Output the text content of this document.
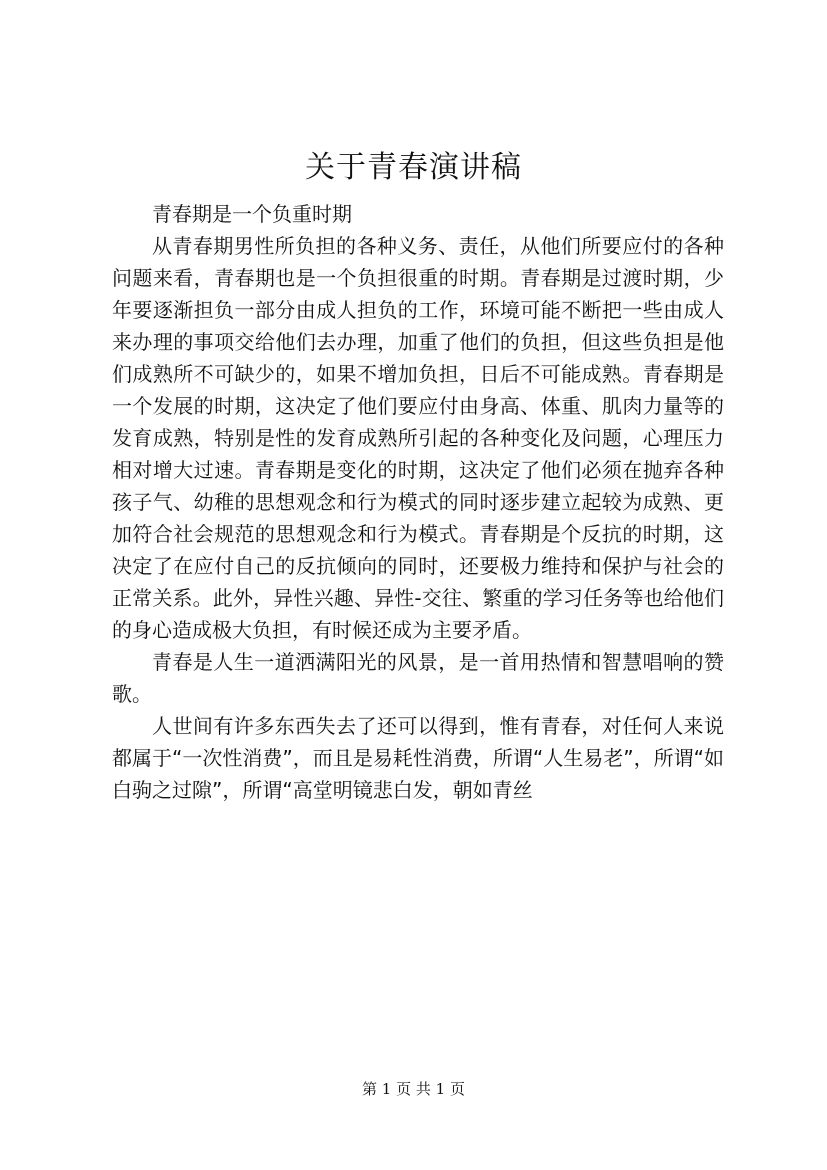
关于青春演讲稿

青春期是一个负重时期

从青春期男性所负担的各种义务、责任，从他们所要应付的各种问题来看，青春期也是一个负担很重的时期。青春期是过渡时期，少年要逐渐担负一部分由成人担负的工作，环境可能不断把一些由成人来办理的事项交给他们去办理，加重了他们的负担，但这些负担是他们成熟所不可缺少的，如果不增加负担，日后不可能成熟。青春期是一个发展的时期，这决定了他们要应付由身高、体重、肌肉力量等的发育成熟，特别是性的发育成熟所引起的各种变化及问题，心理压力相对增大过速。青春期是变化的时期，这决定了他们必须在抛弃各种孩子气、幼稚的思想观念和行为模式的同时逐步建立起较为成熟、更加符合社会规范的思想观念和行为模式。青春期是个反抗的时期，这决定了在应付自己的反抗倾向的同时，还要极力维持和保护与社会的正常关系。此外，异性兴趣、异性-交往、繁重的学习任务等也给他们的身心造成极大负担，有时候还成为主要矛盾。

青春是人生一道洒满阳光的风景，是一首用热情和智慧唱响的赞歌。

人世间有许多东西失去了还可以得到，惟有青春，对任何人来说都属于“一次性消费”，而且是易耗性消费，所谓“人生易老”，所谓“如白驹之过隙”，所谓“高堂明镜悲白发，朝如青丝

第 1 页 共 1 页
